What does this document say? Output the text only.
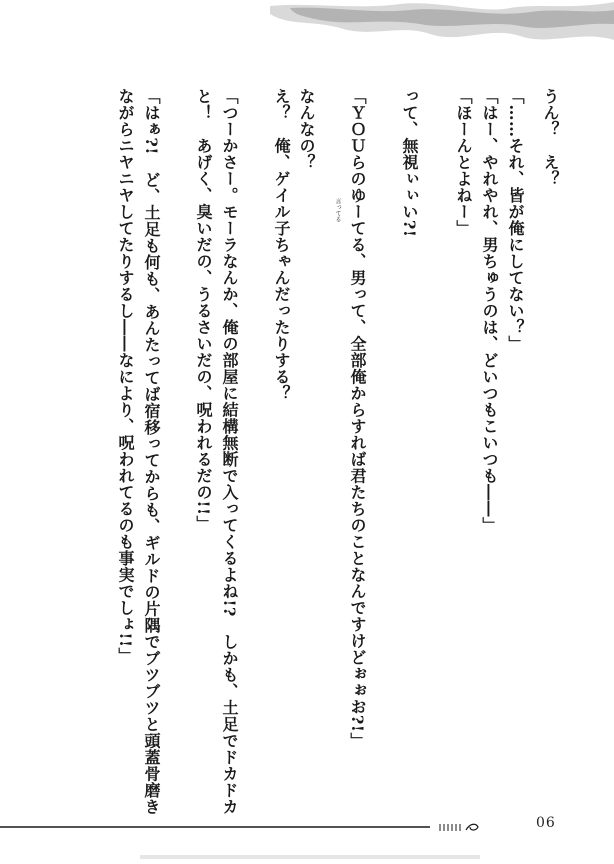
うん？　え？
「……それ、皆が俺にしてない？」
「はー、やれやれ、男ちゅうのは、どいつもこいつも――」
「ほーんとよねー」
って、無視ぃぃい?!
「ＹＯＵらのゆーてる、男って、全部俺からすれば君たちのことなんですけどぉぉお?!」
なんなの？
え？　俺、ゲイル子ちゃんだったりする？
「つーかさー。モーラなんか、俺の部屋に結構無断で入ってくるよね!?　しかも、土足でドカドカ
と！　あげく、臭いだの、うるさいだの、呪われるだの!!」
「はぁ?!　ど、土足も何も、あんたってば宿移ってからも、ギルドの片隅でブツブツと頭蓋骨磨き
ながらニヤニヤしてたりするし――なにより、呪われてるのも事実でしょ!!」	言ってる
06
